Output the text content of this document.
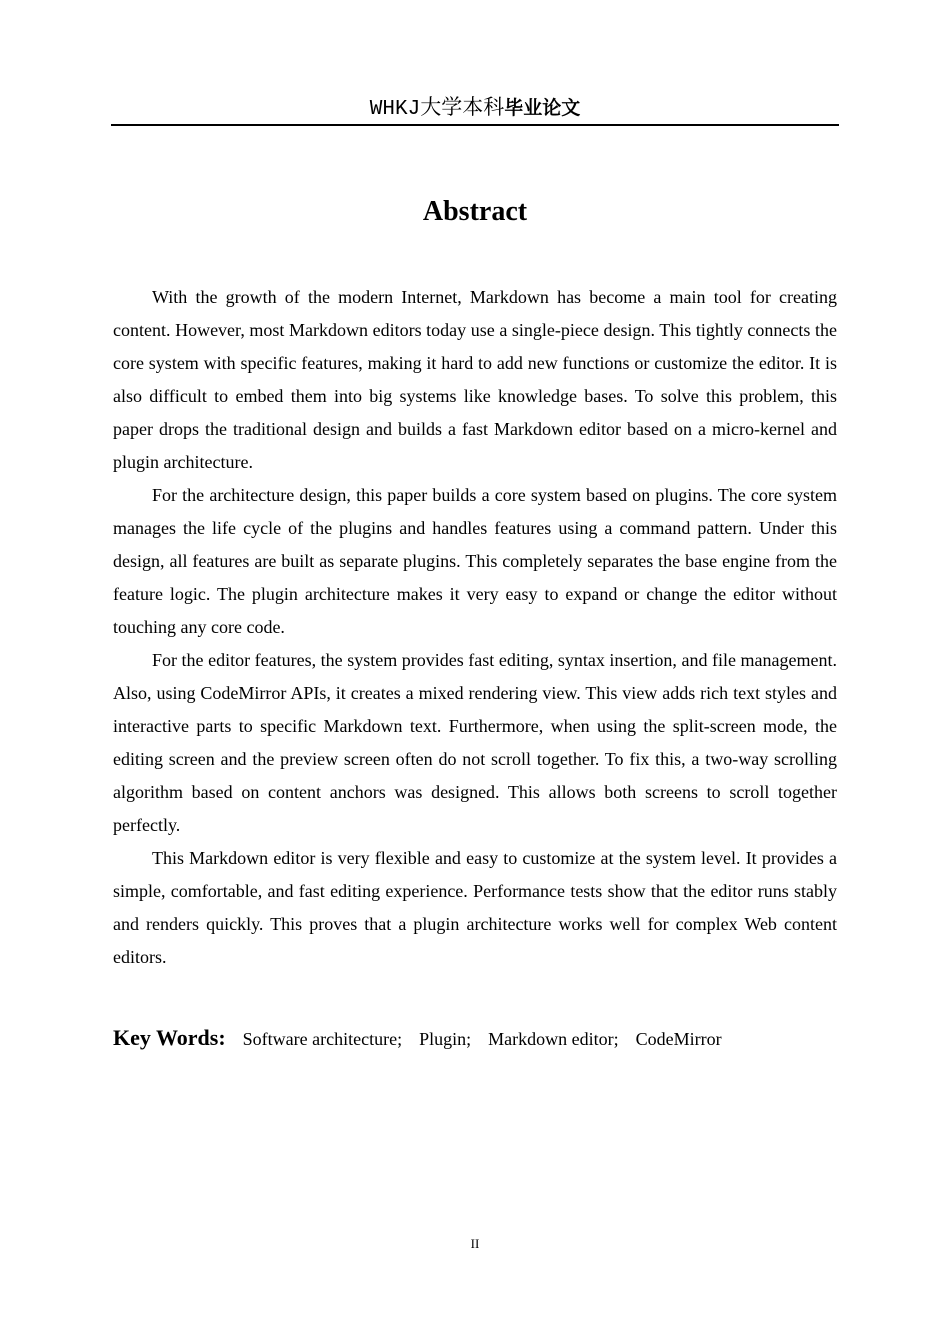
WHKJ大学本科毕业论文
Abstract

With the growth of the modern Internet, Markdown has become a main tool for creating content. However, most Markdown editors today use a single-piece design. This tightly connects the core system with specific features, making it hard to add new functions or customize the editor. It is also difficult to embed them into big systems like knowledge bases. To solve this problem, this paper drops the traditional design and builds a fast Markdown editor based on a micro-kernel and plugin architecture.

For the architecture design, this paper builds a core system based on plugins. The core system manages the life cycle of the plugins and handles features using a command pattern. Under this design, all features are built as separate plugins. This completely separates the base engine from the feature logic. The plugin architecture makes it very easy to expand or change the editor without touching any core code.

For the editor features, the system provides fast editing, syntax insertion, and file management. Also, using CodeMirror APIs, it creates a mixed rendering view. This view adds rich text styles and interactive parts to specific Markdown text. Furthermore, when using the split-screen mode, the editing screen and the preview screen often do not scroll together. To fix this, a two-way scrolling algorithm based on content anchors was designed. This allows both screens to scroll together perfectly.

This Markdown editor is very flexible and easy to customize at the system level. It provides a simple, comfortable, and fast editing experience. Performance tests show that the editor runs stably and renders quickly. This proves that a plugin architecture works well for complex Web content editors.

Key Words: Software architecture; Plugin; Markdown editor; CodeMirror
II
